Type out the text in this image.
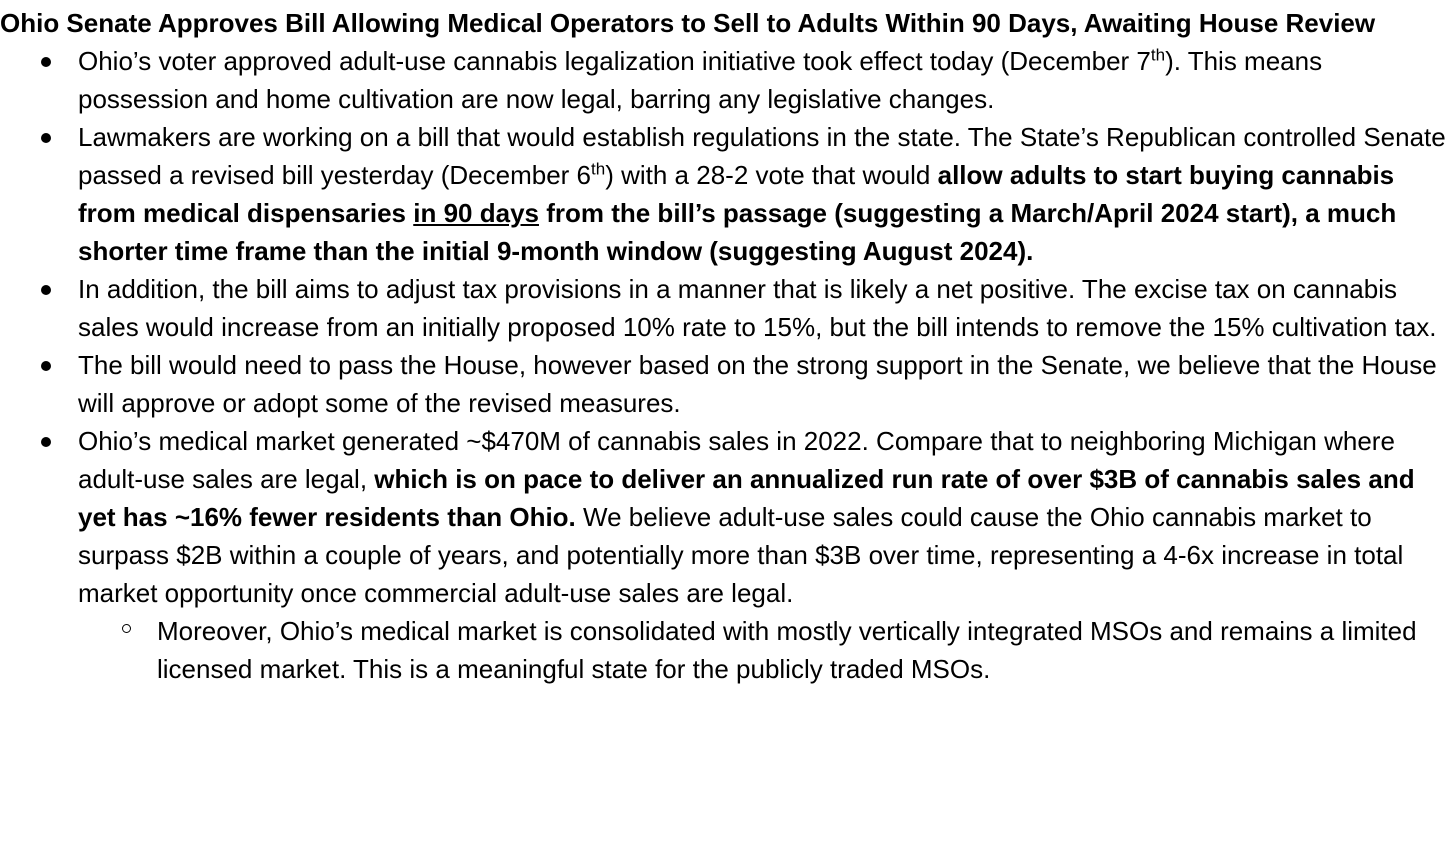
Ohio Senate Approves Bill Allowing Medical Operators to Sell to Adults Within 90 Days, Awaiting House Review

Ohio’s voter approved adult-use cannabis legalization initiative took effect today (December 7th). This means possession and home cultivation are now legal, barring any legislative changes.
Lawmakers are working on a bill that would establish regulations in the state. The State’s Republican controlled Senate passed a revised bill yesterday (December 6th) with a 28-2 vote that would allow adults to start buying cannabis from medical dispensaries in 90 days from the bill’s passage (suggesting a March/April 2024 start), a much shorter time frame than the initial 9-month window (suggesting August 2024).
In addition, the bill aims to adjust tax provisions in a manner that is likely a net positive. The excise tax on cannabis sales would increase from an initially proposed 10% rate to 15%, but the bill intends to remove the 15% cultivation tax.
The bill would need to pass the House, however based on the strong support in the Senate, we believe that the House will approve or adopt some of the revised measures.
Ohio’s medical market generated ~$470M of cannabis sales in 2022. Compare that to neighboring Michigan where adult-use sales are legal, which is on pace to deliver an annualized run rate of over $3B of cannabis sales and yet has ~16% fewer residents than Ohio. We believe adult-use sales could cause the Ohio cannabis market to surpass $2B within a couple of years, and potentially more than $3B over time, representing a 4-6x increase in total market opportunity once commercial adult-use sales are legal.
Moreover, Ohio’s medical market is consolidated with mostly vertically integrated MSOs and remains a limited licensed market. This is a meaningful state for the publicly traded MSOs.
